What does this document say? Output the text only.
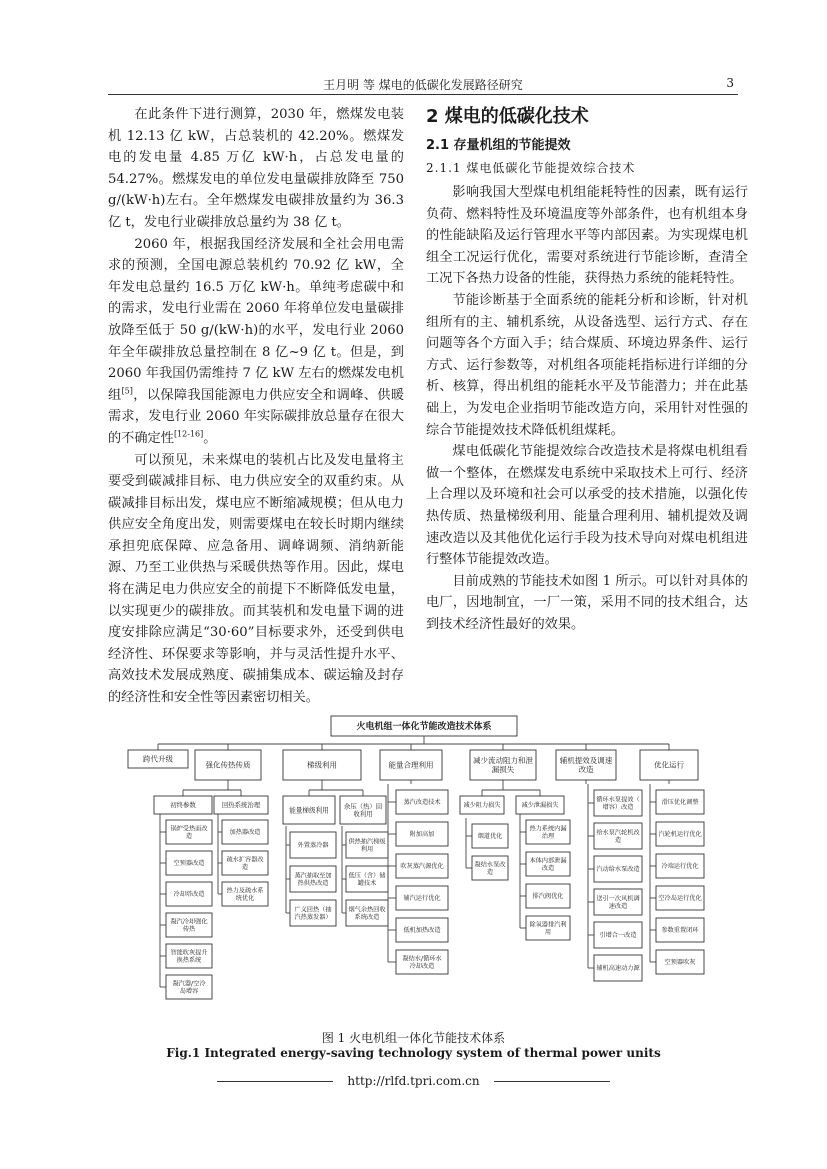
王月明 等 煤电的低碳化发展路径研究	3

在此条件下进行测算，2030 年，燃煤发电装机 12.13 亿 kW，占总装机的 42.20%。燃煤发电的发电量 4.85 万亿 kW·h，占总发电量的 54.27%。燃煤发电的单位发电量碳排放降至 750 g/(kW·h)左右。全年燃煤发电碳排放量约为 36.3 亿 t，发电行业碳排放总量约为 38 亿 t。

2060 年，根据我国经济发展和全社会用电需求的预测，全国电源总装机约 70.92 亿 kW，全年发电总量约 16.5 万亿 kW·h。单纯考虑碳中和的需求，发电行业需在 2060 年将单位发电量碳排放降至低于 50 g/(kW·h)的水平，发电行业 2060 年全年碳排放总量控制在 8 亿~9 亿 t。但是，到 2060 年我国仍需维持 7 亿 kW 左右的燃煤发电机组[5]，以保障我国能源电力供应安全和调峰、供暖需求，发电行业 2060 年实际碳排放总量存在很大的不确定性[12-16]。

可以预见，未来煤电的装机占比及发电量将主要受到碳减排目标、电力供应安全的双重约束。从碳减排目标出发，煤电应不断缩减规模；但从电力供应安全角度出发，则需要煤电在较长时期内继续承担兜底保障、应急备用、调峰调频、消纳新能源、乃至工业供热与采暖供热等作用。因此，煤电将在满足电力供应安全的前提下不断降低发电量，以实现更少的碳排放。而其装机和发电量下调的进度安排除应满足“30·60”目标要求外，还受到供电经济性、环保要求等影响，并与灵活性提升水平、高效技术发展成熟度、碳捕集成本、碳运输及封存的经济性和安全性等因素密切相关。

2 煤电的低碳化技术
2.1 存量机组的节能提效
2.1.1 煤电低碳化节能提效综合技术

影响我国大型煤电机组能耗特性的因素，既有运行负荷、燃料特性及环境温度等外部条件，也有机组本身的性能缺陷及运行管理水平等内部因素。为实现煤电机组全工况运行优化，需要对系统进行节能诊断，查清全工况下各热力设备的性能，获得热力系统的能耗特性。

节能诊断基于全面系统的能耗分析和诊断，针对机组所有的主、辅机系统，从设备选型、运行方式、存在问题等各个方面入手；结合煤质、环境边界条件、运行方式、运行参数等，对机组各项能耗指标进行详细的分析、核算，得出机组的能耗水平及节能潜力；并在此基础上，为发电企业指明节能改造方向，采用针对性强的综合节能提效技术降低机组煤耗。

煤电低碳化节能提效综合改造技术是将煤电机组看做一个整体，在燃煤发电系统中采取技术上可行、经济上合理以及环境和社会可以承受的技术措施，以强化传热传质、热量梯级利用、能量合理利用、辅机提效及调速改造以及其他优化运行手段为技术导向对煤电机组进行整体节能提效改造。

目前成熟的节能技术如图 1 所示。可以针对具体的电厂，因地制宜，一厂一策，采用不同的技术组合，达到技术经济性最好的效果。

火电机组一体化节能改造技术体系
跨代升级
强化传热传质	梯级利用	能量合理利用	减少流动阻力和泄
漏损失
辅机提效及调速
改造	优化运行
初终参数	回热系统治理
锅炉受热面改
造
空预器改造
冷却塔改造
凝汽冷却强化
传热
智能吹灰提升
换热系统
凝汽器/空冷
岛增容
加热器改造
疏水扩容器改
造
热力及疏水系
统优化
能量梯级利用
余压（热）回
收利用
外置蒸冷器
蒸汽抽取至加
热供热改造
广义回热（抽
汽热蒸发器）
供热抽汽梯级
利用
低压（含）储
罐技术
烟气余热回收
系统改造
蒸汽改造技术
附加高加
吹灰蒸汽源优化
辅汽运行优化
低机加热改造
凝结水/循环水
冷却改造
减少阻力损失	减少泄漏损失
烟道优化
凝结水泵改
造
热力系统内漏
治理
本体内部泄漏
改造
排汽阀优化
除氧器排汽利
用
循环水泵提效（
增容）改造
给水泵汽轮机改
造
汽动给水泵改造
送引一次风机调
速改造
引增合一改造
辅机高速动力源
滑压优化调整
汽轮机运行优化
冷端运行优化
空冷岛运行优化
参数重置闭环
空预器吹灰
图 1 火电机组一体化节能技术体系
Fig.1 Integrated energy-saving technology system of thermal power units
http://rlfd.tpri.com.cn
